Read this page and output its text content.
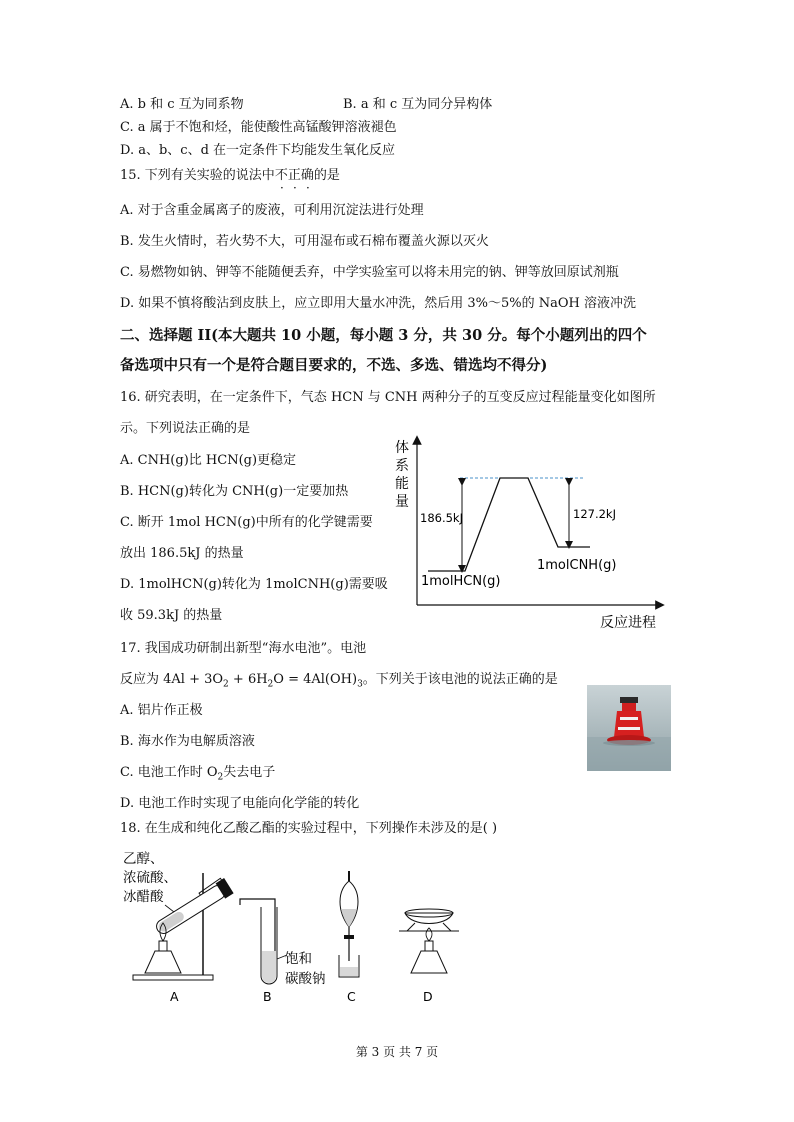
A. b 和 c 互为同系物	B. a 和 c 互为同分异构体
C. a 属于不饱和烃，能使酸性高锰酸钾溶液褪色
D. a、b、c、d 在一定条件下均能发生氧化反应
15. 下列有关实验的说法中不正确的是
A. 对于含重金属离子的废液，可利用沉淀法进行处理
B. 发生火情时，若火势不大，可用湿布或石棉布覆盖火源以灭火
C. 易燃物如钠、钾等不能随便丢弃，中学实验室可以将未用完的钠、钾等放回原试剂瓶
D. 如果不慎将酸沾到皮肤上，应立即用大量水冲洗，然后用 3%～5%的 NaOH 溶液冲洗
二、选择题 II(本大题共 10 小题，每小题 3 分，共 30 分。每个小题列出的四个
备选项中只有一个是符合题目要求的，不选、多选、错选均不得分)
16. 研究表明，在一定条件下，气态 HCN 与 CNH 两种分子的互变反应过程能量变化如图所
示。下列说法正确的是
A. CNH(g)比 HCN(g)更稳定
B. HCN(g)转化为 CNH(g)一定要加热
C. 断开 1mol HCN(g)中所有的化学键需要
放出 186.5kJ 的热量
D. 1molHCN(g)转化为 1molCNH(g)需要吸
收 59.3kJ 的热量
体
系
能
量
186.5kJ	127.2kJ
1molHCN(g)
1molCNH(g)
反应进程
17. 我国成功研制出新型“海水电池”。电池
反应为 $4Al + 3O_2 + 6H_2O = 4Al(OH)_3$。下列关于该电池的说法正确的是
A. 铝片作正极
B. 海水作为电解质溶液
C. 电池工作时 $O_2$失去电子
D. 电池工作时实现了电能向化学能的转化
18. 在生成和纯化乙酸乙酯的实验过程中，下列操作未涉及的是( )
乙醇、
浓硫酸、
冰醋酸
A
饱和
碳酸钠
B	C	D
第 3 页 共 7 页
